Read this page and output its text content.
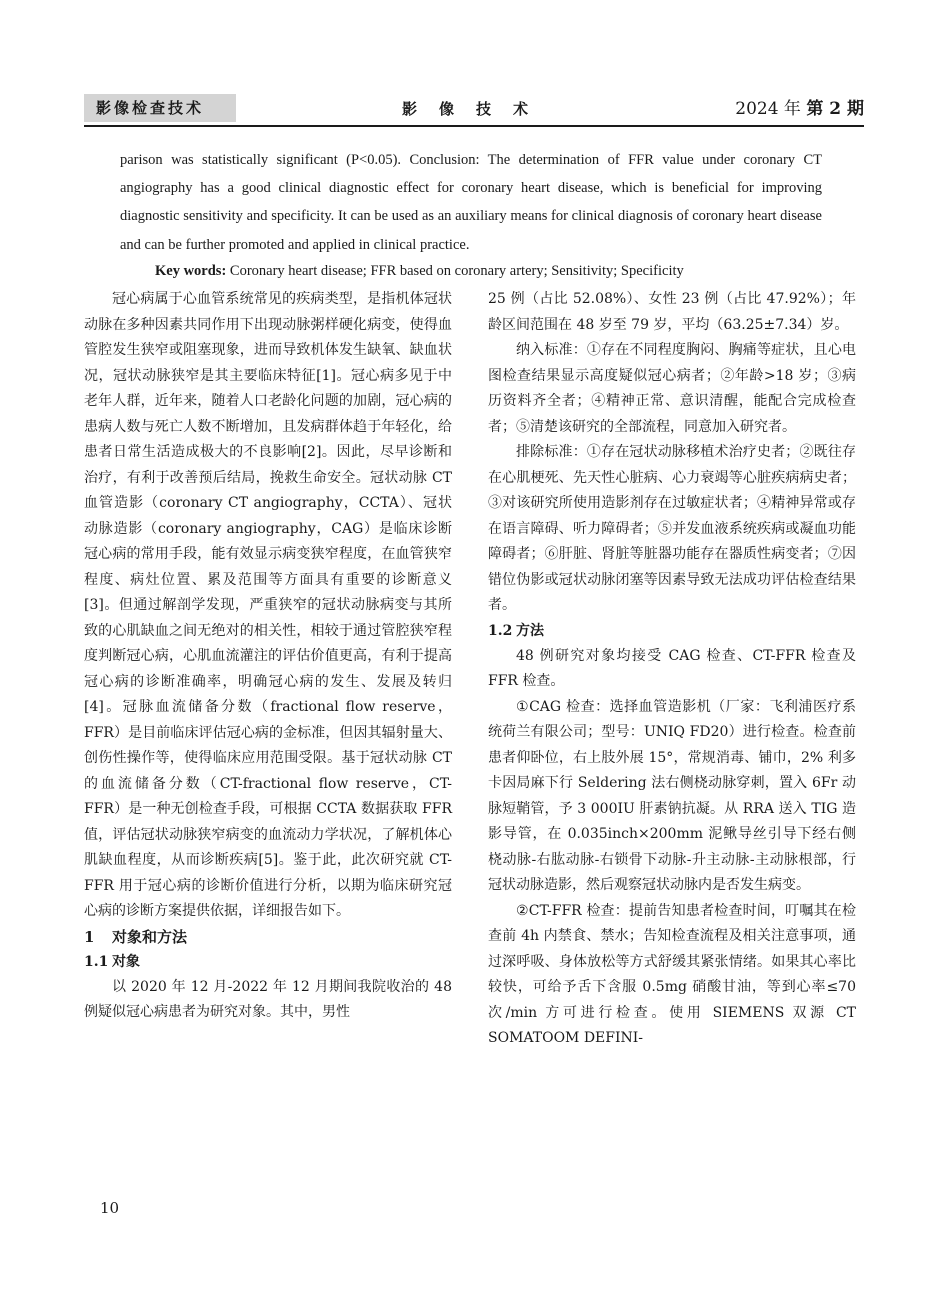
影像检查技术	影像技术	2024 年 第 2 期
parison was statistically significant (P<0.05). Conclusion: The determination of FFR value under coronary CT angiography has a good clinical diagnostic effect for coronary heart disease, which is beneficial for improving diagnostic sensitivity and specificity. It can be used as an auxiliary means for clinical diagnosis of coronary heart disease and can be further promoted and applied in clinical practice.
Key words: Coronary heart disease; FFR based on coronary artery; Sensitivity; Specificity

冠心病属于心血管系统常见的疾病类型，是指机体冠状动脉在多种因素共同作用下出现动脉粥样硬化病变，使得血管腔发生狭窄或阻塞现象，进而导致机体发生缺氧、缺血状况，冠状动脉狭窄是其主要临床特征[1]。冠心病多见于中老年人群，近年来，随着人口老龄化问题的加剧，冠心病的患病人数与死亡人数不断增加，且发病群体趋于年轻化，给患者日常生活造成极大的不良影响[2]。因此，尽早诊断和治疗，有利于改善预后结局，挽救生命安全。冠状动脉 CT 血管造影（coronary CT angiography，CCTA）、冠状动脉造影（coronary angiography，CAG）是临床诊断冠心病的常用手段，能有效显示病变狭窄程度，在血管狭窄程度、病灶位置、累及范围等方面具有重要的诊断意义[3]。但通过解剖学发现，严重狭窄的冠状动脉病变与其所致的心肌缺血之间无绝对的相关性，相较于通过管腔狭窄程度判断冠心病，心肌血流灌注的评估价值更高，有利于提高冠心病的诊断准确率，明确冠心病的发生、发展及转归[4]。冠脉血流储备分数（fractional flow reserve，FFR）是目前临床评估冠心病的金标准，但因其辐射量大、创伤性操作等，使得临床应用范围受限。基于冠状动脉 CT 的血流储备分数（CT-fractional flow reserve，CT-FFR）是一种无创检查手段，可根据 CCTA 数据获取 FFR 值，评估冠状动脉狭窄病变的血流动力学状况，了解机体心肌缺血程度，从而诊断疾病[5]。鉴于此，此次研究就 CT-FFR 用于冠心病的诊断价值进行分析，以期为临床研究冠心病的诊断方案提供依据，详细报告如下。

1 对象和方法

1.1 对象

以 2020 年 12 月-2022 年 12 月期间我院收治的 48 例疑似冠心病患者为研究对象。其中，男性

25 例（占比 52.08%）、女性 23 例（占比 47.92%）；年龄区间范围在 48 岁至 79 岁，平均（63.25±7.34）岁。

纳入标准：①存在不同程度胸闷、胸痛等症状，且心电图检查结果显示高度疑似冠心病者；②年龄>18 岁；③病历资料齐全者；④精神正常、意识清醒，能配合完成检查者；⑤清楚该研究的全部流程，同意加入研究者。

排除标准：①存在冠状动脉移植术治疗史者；②既往存在心肌梗死、先天性心脏病、心力衰竭等心脏疾病病史者；③对该研究所使用造影剂存在过敏症状者；④精神异常或存在语言障碍、听力障碍者；⑤并发血液系统疾病或凝血功能障碍者；⑥肝脏、肾脏等脏器功能存在器质性病变者；⑦因错位伪影或冠状动脉闭塞等因素导致无法成功评估检查结果者。

1.2 方法

48 例研究对象均接受 CAG 检查、CT-FFR 检查及 FFR 检查。

①CAG 检查：选择血管造影机（厂家：飞利浦医疗系统荷兰有限公司；型号：UNIQ FD20）进行检查。检查前患者仰卧位，右上肢外展 15°，常规消毒、铺巾，2% 利多卡因局麻下行 Seldering 法右侧桡动脉穿刺，置入 6Fr 动脉短鞘管，予 3 000IU 肝素钠抗凝。从 RRA 送入 TIG 造影导管，在 0.035inch×200mm 泥鳅导丝引导下经右侧桡动脉-右肱动脉-右锁骨下动脉-升主动脉-主动脉根部，行冠状动脉造影，然后观察冠状动脉内是否发生病变。

②CT-FFR 检查：提前告知患者检查时间，叮嘱其在检查前 4h 内禁食、禁水；告知检查流程及相关注意事项，通过深呼吸、身体放松等方式舒缓其紧张情绪。如果其心率比较快，可给予舌下含服 0.5mg 硝酸甘油，等到心率≤70 次/min 方可进行检查。使用 SIEMENS 双源 CT SOMATOOM DEFINI-

10
